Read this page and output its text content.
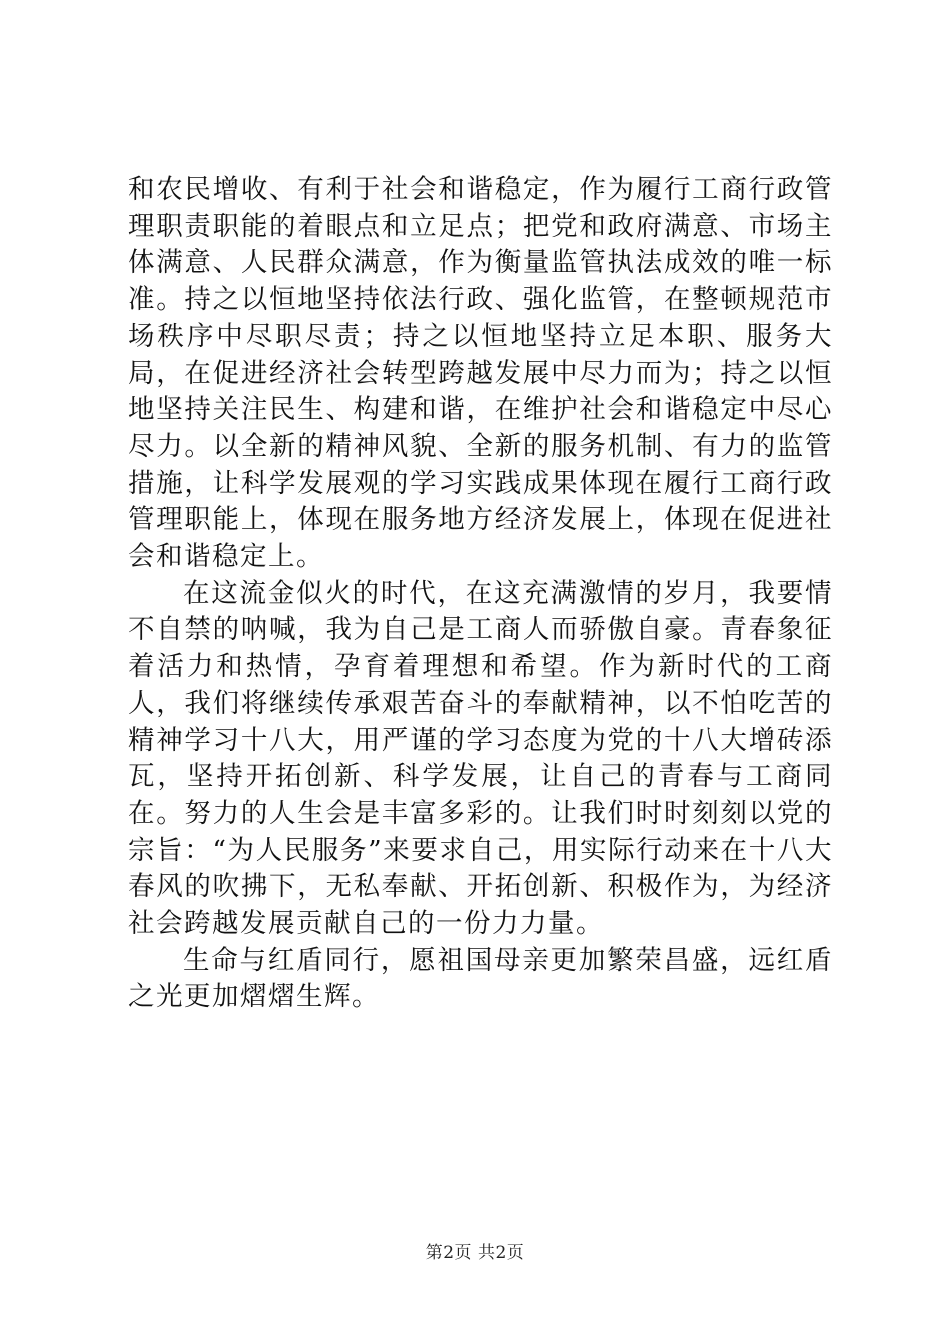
和农民增收、有利于社会和谐稳定，作为履行工商行政管理职责职能的着眼点和立足点；把党和政府满意、市场主体满意、人民群众满意，作为衡量监管执法成效的唯一标准。持之以恒地坚持依法行政、强化监管，在整顿规范市场秩序中尽职尽责；持之以恒地坚持立足本职、服务大局，在促进经济社会转型跨越发展中尽力而为；持之以恒地坚持关注民生、构建和谐，在维护社会和谐稳定中尽心尽力。以全新的精神风貌、全新的服务机制、有力的监管措施，让科学发展观的学习实践成果体现在履行工商行政管理职能上，体现在服务地方经济发展上，体现在促进社会和谐稳定上。

在这流金似火的时代，在这充满激情的岁月，我要情不自禁的呐喊，我为自己是工商人而骄傲自豪。青春象征着活力和热情，孕育着理想和希望。作为新时代的工商人，我们将继续传承艰苦奋斗的奉献精神，以不怕吃苦的精神学习十八大，用严谨的学习态度为党的十八大增砖添瓦，坚持开拓创新、科学发展，让自己的青春与工商同在。努力的人生会是丰富多彩的。让我们时时刻刻以党的宗旨：“为人民服务”来要求自己，用实际行动来在十八大春风的吹拂下，无私奉献、开拓创新、积极作为，为经济社会跨越发展贡献自己的一份力力量。

生命与红盾同行，愿祖国母亲更加繁荣昌盛，远红盾之光更加熠熠生辉。

第2页 共2页
